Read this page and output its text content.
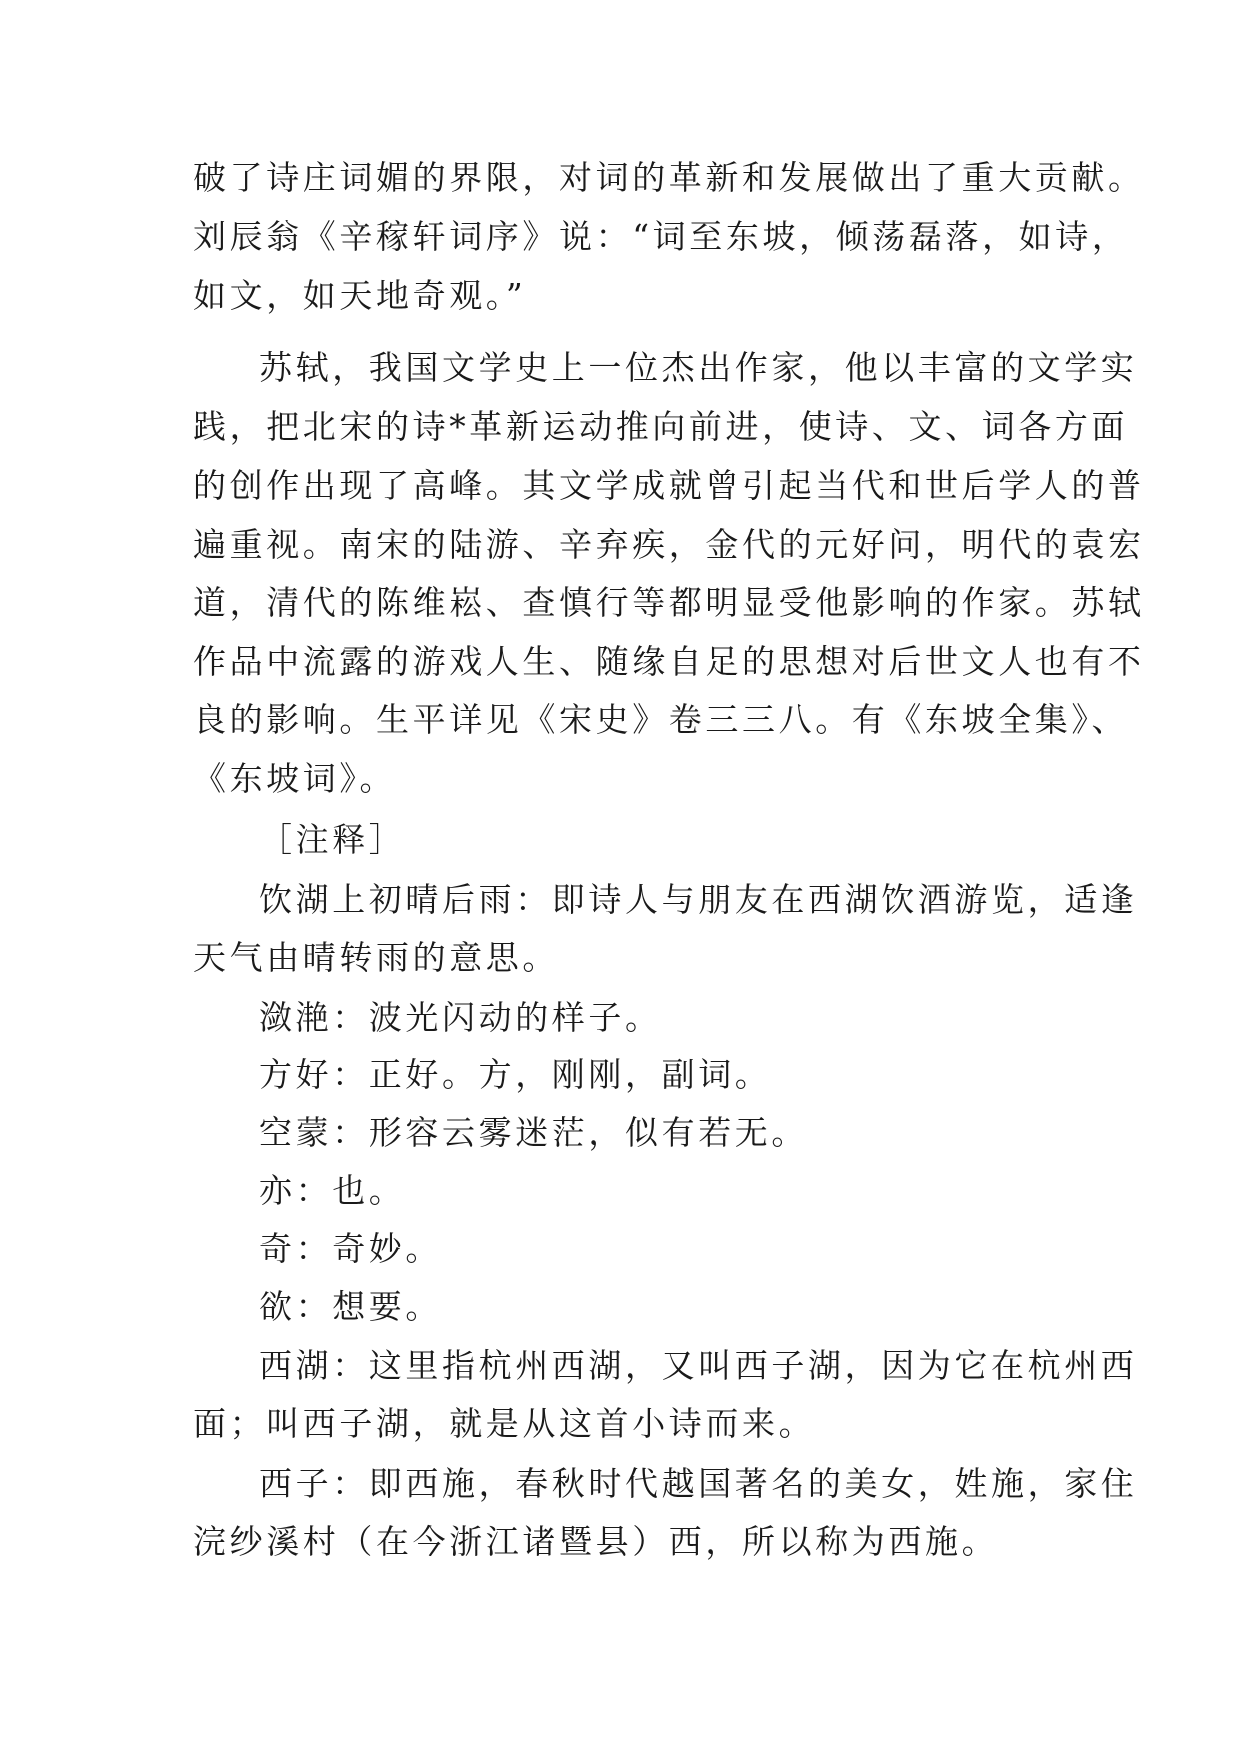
破了诗庄词媚的界限，对词的革新和发展做出了重大贡献。
刘辰翁《辛稼轩词序》说：“词至东坡，倾荡磊落，如诗，
如文，如天地奇观。”
苏轼，我国文学史上一位杰出作家，他以丰富的文学实
践，把北宋的诗*革新运动推向前进，使诗、文、词各方面
的创作出现了高峰。其文学成就曾引起当代和世后学人的普
遍重视。南宋的陆游、辛弃疾，金代的元好问，明代的袁宏
道，清代的陈维崧、查慎行等都明显受他影响的作家。苏轼
作品中流露的游戏人生、随缘自足的思想对后世文人也有不
良的影响。生平详见《宋史》卷三三八。有《东坡全集》、
《东坡词》。
［注释］
饮湖上初晴后雨：即诗人与朋友在西湖饮酒游览，适逢
天气由晴转雨的意思。
潋滟：波光闪动的样子。
方好：正好。方，刚刚，副词。
空蒙：形容云雾迷茫，似有若无。
亦：也。
奇：奇妙。
欲：想要。
西湖：这里指杭州西湖，又叫西子湖，因为它在杭州西
面；叫西子湖，就是从这首小诗而来。
西子：即西施，春秋时代越国著名的美女，姓施，家住
浣纱溪村（在今浙江诸暨县）西，所以称为西施。
